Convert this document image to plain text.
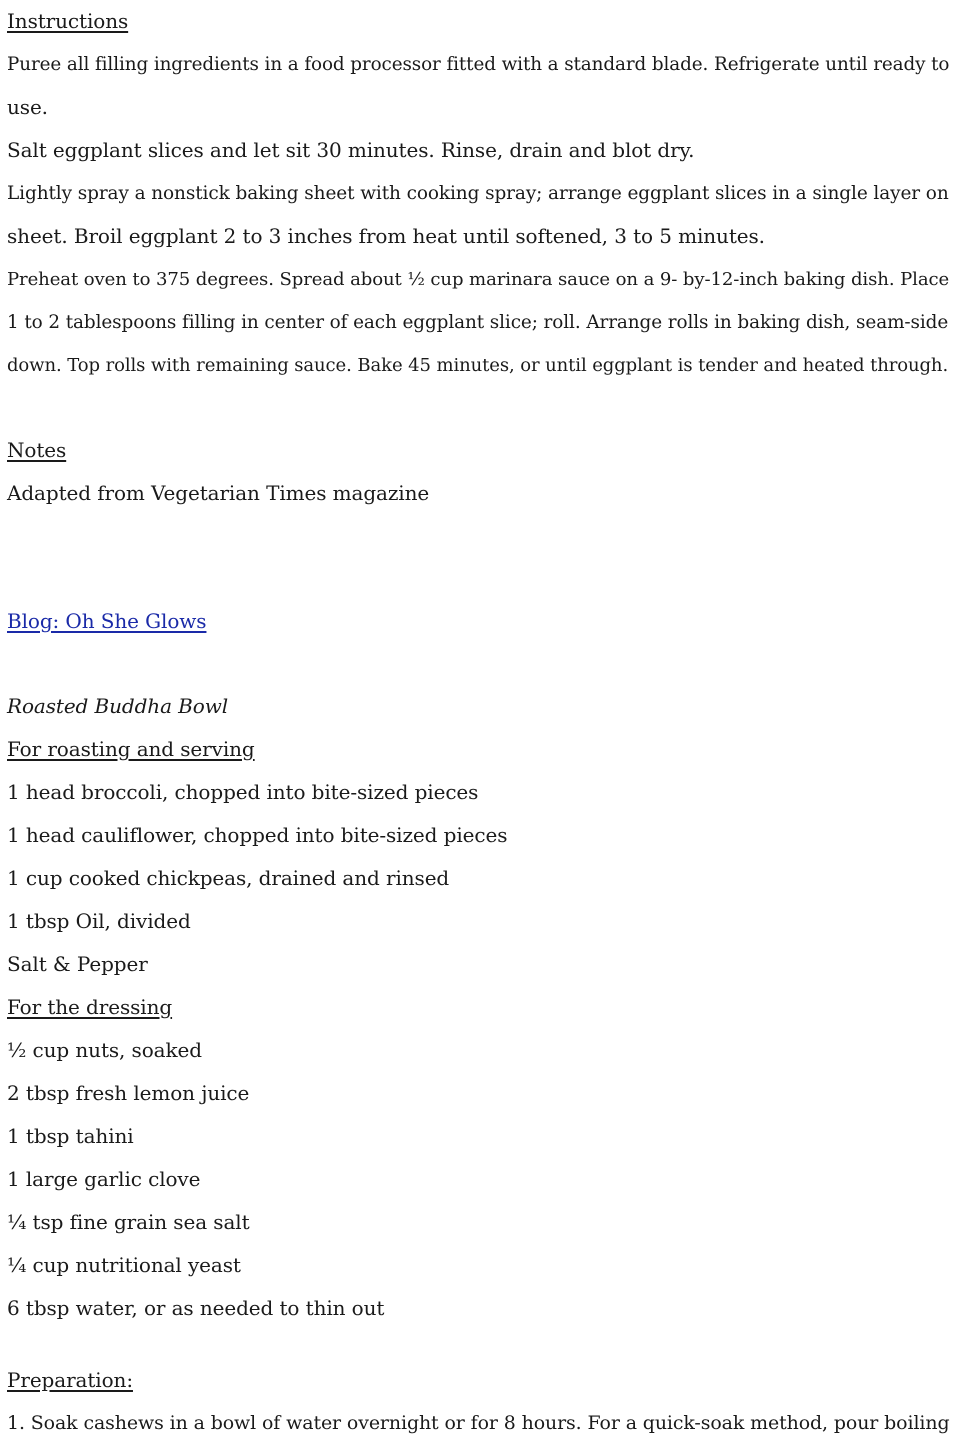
Instructions
Puree all filling ingredients in a food processor fitted with a standard blade. Refrigerate until ready to
use.
Salt eggplant slices and let sit 30 minutes. Rinse, drain and blot dry.
Lightly spray a nonstick baking sheet with cooking spray; arrange eggplant slices in a single layer on
sheet. Broil eggplant 2 to 3 inches from heat until softened, 3 to 5 minutes.
Preheat oven to 375 degrees. Spread about ½ cup marinara sauce on a 9- by-12-inch baking dish. Place
1 to 2 tablespoons filling in center of each eggplant slice; roll. Arrange rolls in baking dish, seam-side
down. Top rolls with remaining sauce. Bake 45 minutes, or until eggplant is tender and heated through.
Notes
Adapted from Vegetarian Times magazine
Blog: Oh She Glows
Roasted Buddha Bowl
For roasting and serving
1 head broccoli, chopped into bite-sized pieces
1 head cauliflower, chopped into bite-sized pieces
1 cup cooked chickpeas, drained and rinsed
1 tbsp Oil, divided
Salt & Pepper
For the dressing
½ cup nuts, soaked
2 tbsp fresh lemon juice
1 tbsp tahini
1 large garlic clove
¼ tsp fine grain sea salt
¼ cup nutritional yeast
6 tbsp water, or as needed to thin out
Preparation:
1. Soak cashews in a bowl of water overnight or for 8 hours. For a quick-soak method, pour boiling
